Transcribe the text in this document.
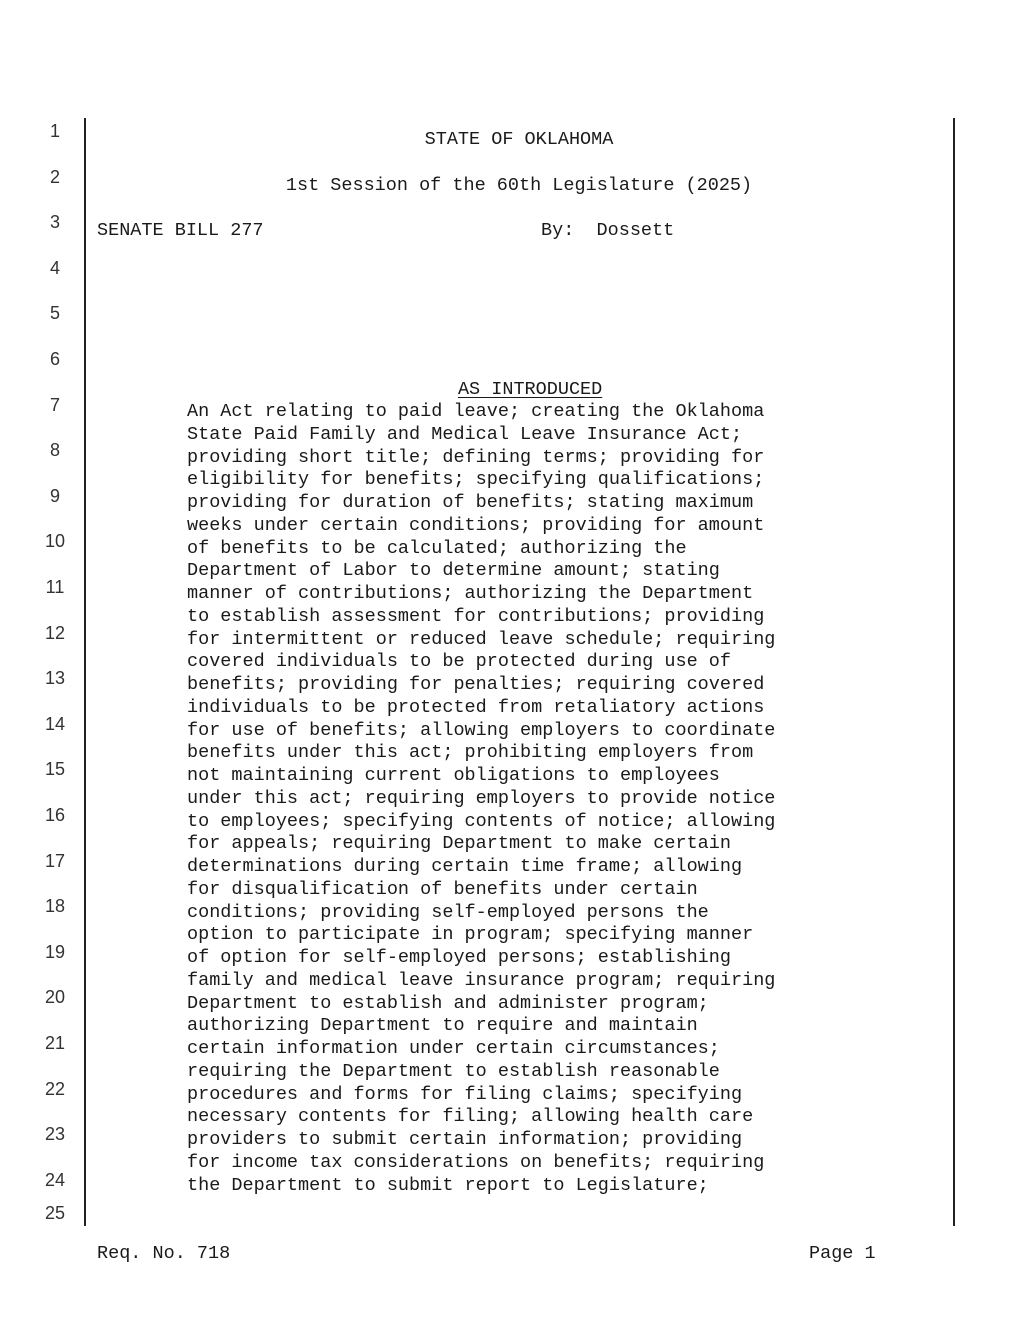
1
2
3
4
5
6
7
8
9
10
11
12
13
14
15
16
17
18
19
20
21
22
23
24
25
STATE OF OKLAHOMA
1st Session of the 60th Legislature (2025)
SENATE BILL 277	By:  Dossett

AS INTRODUCED

An Act relating to paid leave; creating the Oklahoma
State Paid Family and Medical Leave Insurance Act;
providing short title; defining terms; providing for
eligibility for benefits; specifying qualifications;
providing for duration of benefits; stating maximum
weeks under certain conditions; providing for amount
of benefits to be calculated; authorizing the
Department of Labor to determine amount; stating
manner of contributions; authorizing the Department
to establish assessment for contributions; providing
for intermittent or reduced leave schedule; requiring
covered individuals to be protected during use of
benefits; providing for penalties; requiring covered
individuals to be protected from retaliatory actions
for use of benefits; allowing employers to coordinate
benefits under this act; prohibiting employers from
not maintaining current obligations to employees
under this act; requiring employers to provide notice
to employees; specifying contents of notice; allowing
for appeals; requiring Department to make certain
determinations during certain time frame; allowing
for disqualification of benefits under certain
conditions; providing self-employed persons the
option to participate in program; specifying manner
of option for self-employed persons; establishing
family and medical leave insurance program; requiring
Department to establish and administer program;
authorizing Department to require and maintain
certain information under certain circumstances;
requiring the Department to establish reasonable
procedures and forms for filing claims; specifying
necessary contents for filing; allowing health care
providers to submit certain information; providing
for income tax considerations on benefits; requiring
the Department to submit report to Legislature;
Req. No. 718	Page 1
